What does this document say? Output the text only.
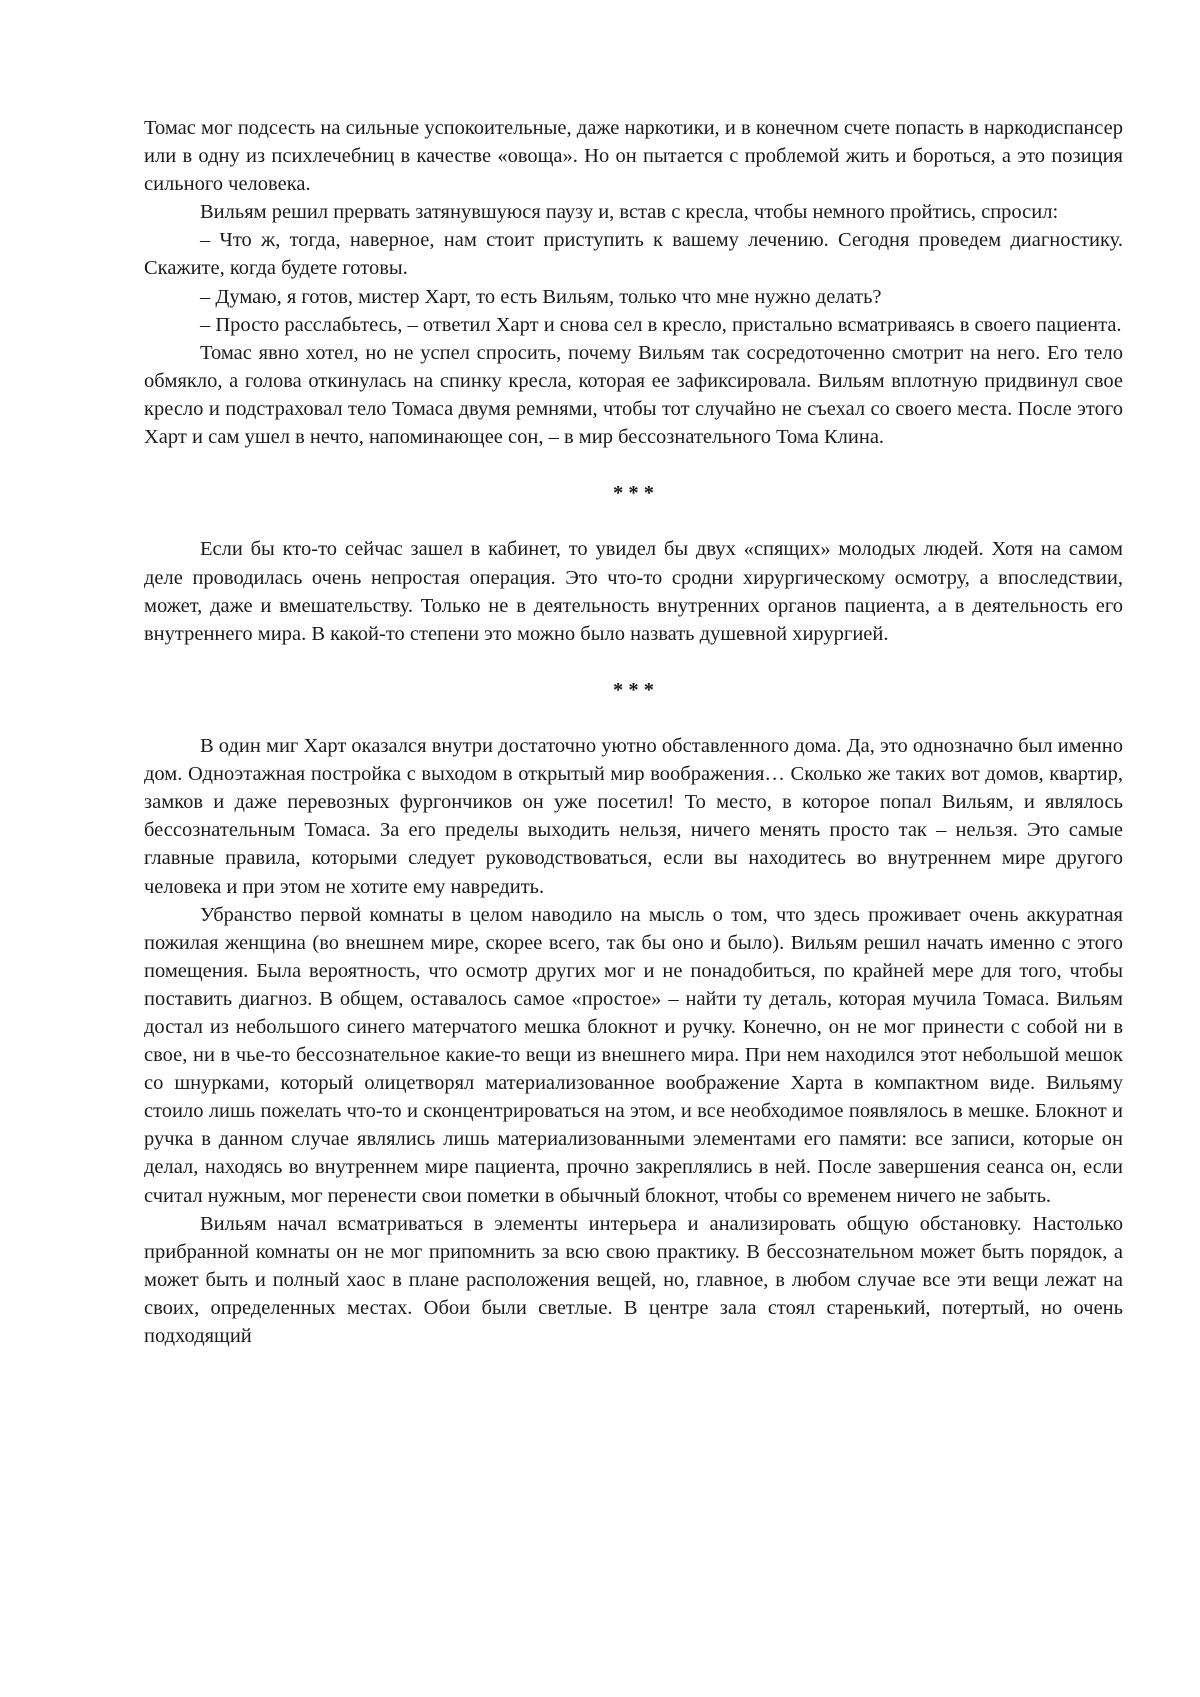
Томас мог подсесть на сильные успокоительные, даже наркотики, и в конечном счете попасть в наркодиспансер или в одну из психлечебниц в качестве «овоща». Но он пытается с проблемой жить и бороться, а это позиция сильного человека.

Вильям решил прервать затянувшуюся паузу и, встав с кресла, чтобы немного пройтись, спросил:

– Что ж, тогда, наверное, нам стоит приступить к вашему лечению. Сегодня проведем диагностику. Скажите, когда будете готовы.

– Думаю, я готов, мистер Харт, то есть Вильям, только что мне нужно делать?

– Просто расслабьтесь, – ответил Харт и снова сел в кресло, пристально всматриваясь в своего пациента.

Томас явно хотел, но не успел спросить, почему Вильям так сосредоточенно смотрит на него. Его тело обмякло, а голова откинулась на спинку кресла, которая ее зафиксировала. Вильям вплотную придвинул свое кресло и подстраховал тело Томаса двумя ремнями, чтобы тот случайно не съехал со своего места. После этого Харт и сам ушел в нечто, напоминающее сон, – в мир бессознательного Тома Клина.

* * *

Если бы кто-то сейчас зашел в кабинет, то увидел бы двух «спящих» молодых людей. Хотя на самом деле проводилась очень непростая операция. Это что-то сродни хирургическому осмотру, а впоследствии, может, даже и вмешательству. Только не в деятельность внутренних органов пациента, а в деятельность его внутреннего мира. В какой-то степени это можно было назвать душевной хирургией.

* * *

В один миг Харт оказался внутри достаточно уютно обставленного дома. Да, это однозначно был именно дом. Одноэтажная постройка с выходом в открытый мир воображения… Сколько же таких вот домов, квартир, замков и даже перевозных фургончиков он уже посетил! То место, в которое попал Вильям, и являлось бессознательным Томаса. За его пределы выходить нельзя, ничего менять просто так – нельзя. Это самые главные правила, которыми следует руководствоваться, если вы находитесь во внутреннем мире другого человека и при этом не хотите ему навредить.

Убранство первой комнаты в целом наводило на мысль о том, что здесь проживает очень аккуратная пожилая женщина (во внешнем мире, скорее всего, так бы оно и было). Вильям решил начать именно с этого помещения. Была вероятность, что осмотр других мог и не понадобиться, по крайней мере для того, чтобы поставить диагноз. В общем, оставалось самое «простое» – найти ту деталь, которая мучила Томаса. Вильям достал из небольшого синего матерчатого мешка блокнот и ручку. Конечно, он не мог принести с собой ни в свое, ни в чье-то бессознательное какие-то вещи из внешнего мира. При нем находился этот небольшой мешок со шнурками, который олицетворял материализованное воображение Харта в компактном виде. Вильяму стоило лишь пожелать что-то и сконцентрироваться на этом, и все необходимое появлялось в мешке. Блокнот и ручка в данном случае являлись лишь материализованными элементами его памяти: все записи, которые он делал, находясь во внутреннем мире пациента, прочно закреплялись в ней. После завершения сеанса он, если считал нужным, мог перенести свои пометки в обычный блокнот, чтобы со временем ничего не забыть.

Вильям начал всматриваться в элементы интерьера и анализировать общую обстановку. Настолько прибранной комнаты он не мог припомнить за всю свою практику. В бессознательном может быть порядок, а может быть и полный хаос в плане расположения вещей, но, главное, в любом случае все эти вещи лежат на своих, определенных местах. Обои были светлые. В центре зала стоял старенький, потертый, но очень подходящий
